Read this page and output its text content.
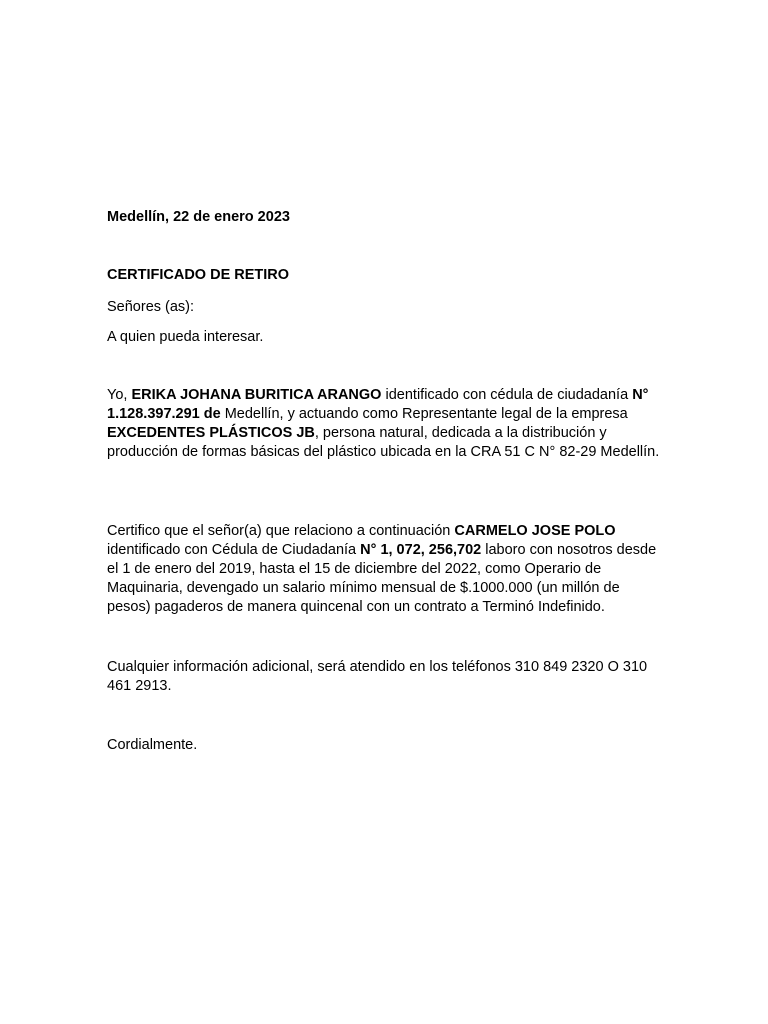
Medellín, 22 de enero 2023

CERTIFICADO DE RETIRO

Señores (as):

A quien pueda interesar.

Yo, ERIKA JOHANA BURITICA ARANGO identificado con cédula de ciudadanía N° 1.128.397.291 de Medellín, y actuando como Representante legal de la empresa EXCEDENTES PLÁSTICOS JB, persona natural, dedicada a la distribución y producción de formas básicas del plástico ubicada en la CRA 51 C N° 82-29 Medellín.

Certifico que el señor(a) que relaciono a continuación CARMELO JOSE POLO identificado con Cédula de Ciudadanía N° 1, 072, 256,702 laboro con nosotros desde el 1 de enero del 2019, hasta el 15 de diciembre del 2022, como Operario de Maquinaria, devengado un salario mínimo mensual de $.1000.000 (un millón de pesos) pagaderos de manera quincenal con un contrato a Terminó Indefinido.

Cualquier información adicional, será atendido en los teléfonos 310 849 2320 O 310 461 2913.

Cordialmente.
